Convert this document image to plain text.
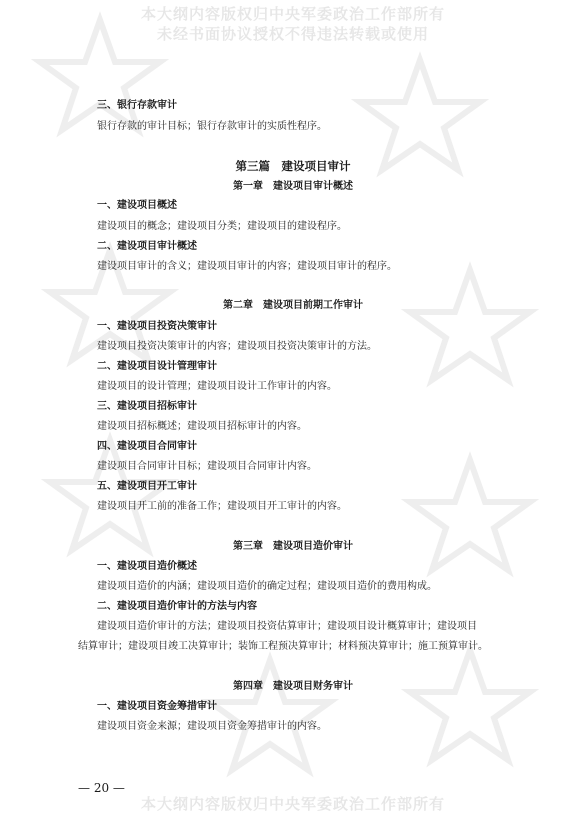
本大纲内容版权归中央军委政治工作部所有
未经书面协议授权不得违法转载或使用
三、银行存款审计
银行存款的审计目标；银行存款审计的实质性程序。
第三篇　建设项目审计
第一章　建设项目审计概述
一、建设项目概述
建设项目的概念；建设项目分类；建设项目的建设程序。
二、建设项目审计概述
建设项目审计的含义；建设项目审计的内容；建设项目审计的程序。
第二章　建设项目前期工作审计
一、建设项目投资决策审计
建设项目投资决策审计的内容；建设项目投资决策审计的方法。
二、建设项目设计管理审计
建设项目的设计管理；建设项目设计工作审计的内容。
三、建设项目招标审计
建设项目招标概述；建设项目招标审计的内容。
四、建设项目合同审计
建设项目合同审计目标；建设项目合同审计内容。
五、建设项目开工审计
建设项目开工前的准备工作；建设项目开工审计的内容。
第三章　建设项目造价审计
一、建设项目造价概述
建设项目造价的内涵；建设项目造价的确定过程；建设项目造价的费用构成。
二、建设项目造价审计的方法与内容
建设项目造价审计的方法；建设项目投资估算审计；建设项目设计概算审计；建设项目
结算审计；建设项目竣工决算审计；装饰工程预决算审计；材料预决算审计；施工预算审计。
第四章　建设项目财务审计
一、建设项目资金筹措审计
建设项目资金来源；建设项目资金筹措审计的内容。
— 20 —
本大纲内容版权归中央军委政治工作部所有
